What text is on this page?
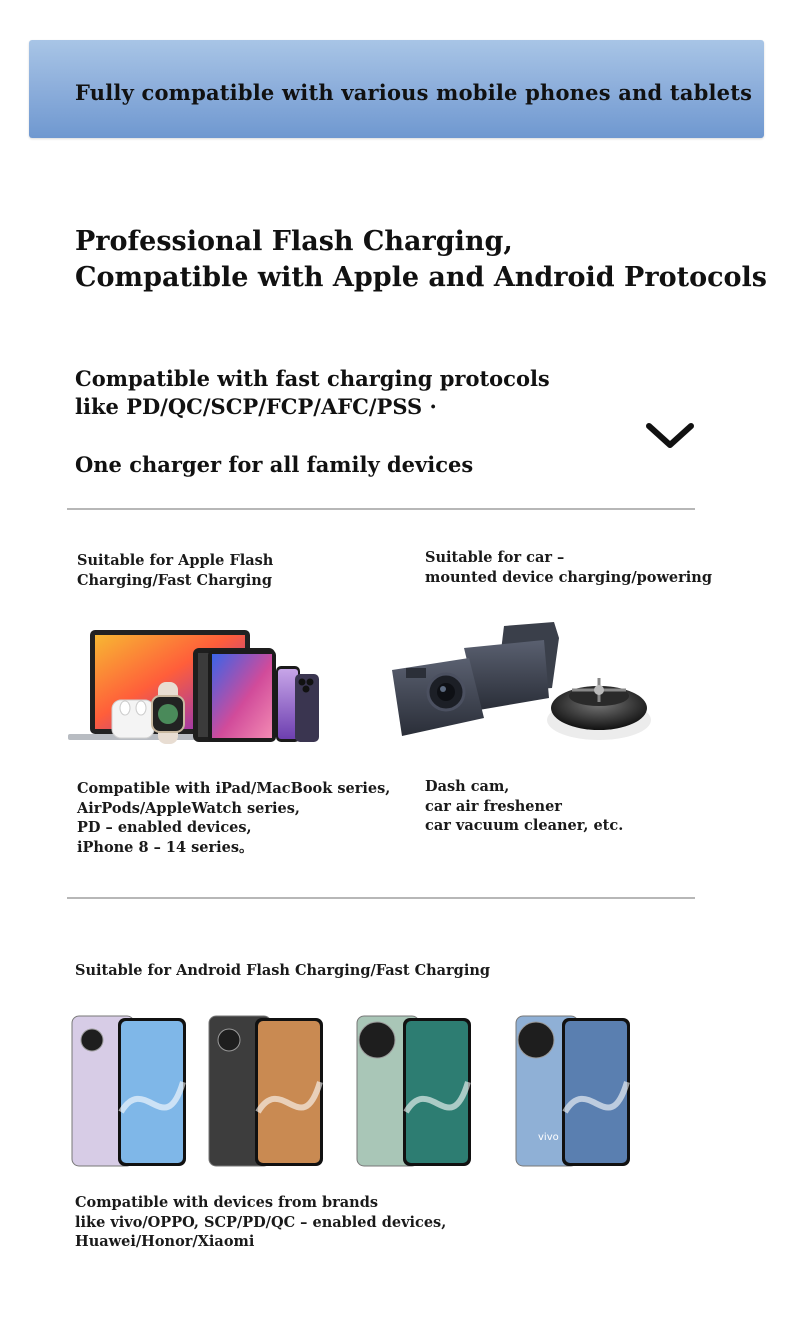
Fully compatible with various mobile phones and tablets
Professional Flash Charging,
Compatible with Apple and Android Protocols
Compatible with fast charging protocols
like PD/QC/SCP/FCP/AFC/PSS ·
One charger for all family devices
Suitable for Apple Flash
Charging/Fast Charging
Compatible with iPad/MacBook series,
AirPods/AppleWatch series,
PD – enabled devices,
iPhone 8 – 14 series。
Suitable for car –
mounted device charging/powering
Dash cam,
car air freshener
car vacuum cleaner, etc.
Suitable for Android Flash Charging/Fast Charging
vivo
Compatible with devices from brands
like vivo/OPPO, SCP/PD/QC – enabled devices,
Huawei/Honor/Xiaomi
